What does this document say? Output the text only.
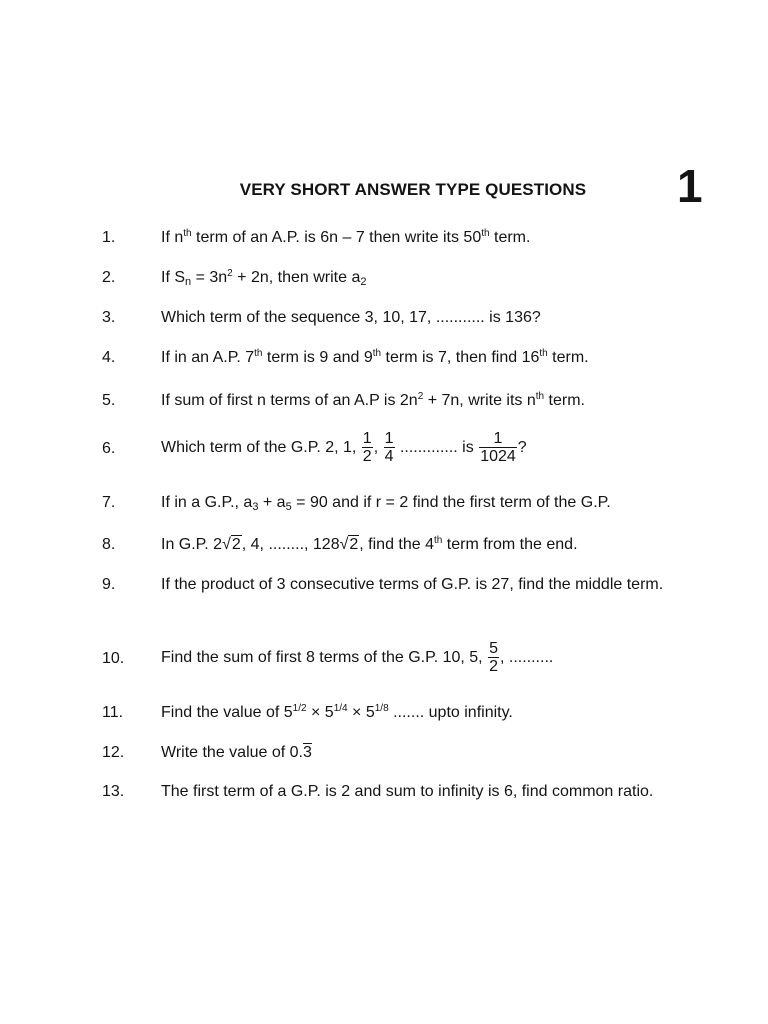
VERY SHORT ANSWER TYPE QUESTIONS	1
1.	If $n^{th}$ term of an A.P. is 6n – 7 then write its 50th term.
2.	If $S_n = 3n^2 + 2n$, then write $a_2$
3.	Which term of the sequence 3, 10, 17, ........... is 136?
4.	If in an A.P. 7th term is 9 and 9th term is 7, then find 16th term.
5.	If sum of first n terms of an A.P is $2n^2 + 7n$, write its $n^{th}$ term.
6.	Which term of the G.P. 2, 1, $\frac{1}{2}$ , $\frac{1}{4}$ ............. is $\frac{1}{1024}$ ?
7.	If in a G.P., $a_3 + a_5 = 90$ and if r = 2 find the first term of the G.P.
8.	In G.P. 2√2, 4, ........, 128√2, find the 4th term from the end.
9.	If the product of 3 consecutive terms of G.P. is 27, find the middle term.
10.	Find the sum of first 8 terms of the G.P. 10, 5, $\frac{5}{2}$ , ..........
11.	Find the value of $5^{1/2} \times 5^{1/4} \times 5^{1/8}$ ....... upto infinity.
12.	Write the value of 0.3
13.	The first term of a G.P. is 2 and sum to infinity is 6, find common ratio.
